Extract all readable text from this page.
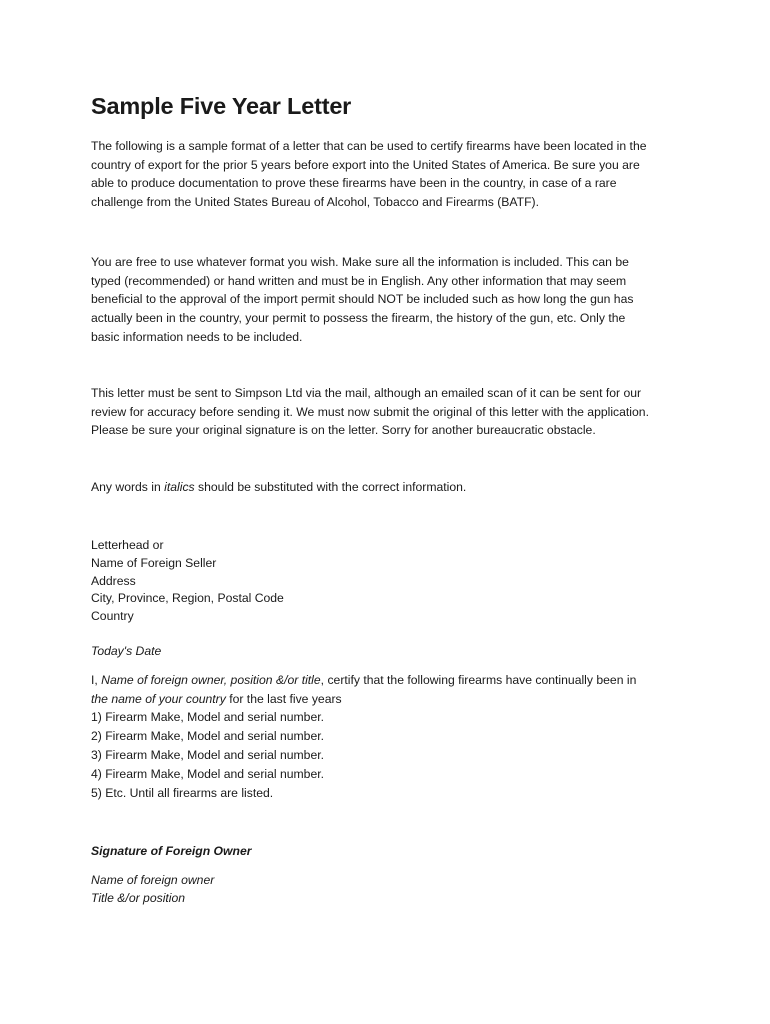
Sample Five Year Letter

The following is a sample format of a letter that can be used to certify firearms have been located in the country of export for the prior 5 years before export into the United States of America. Be sure you are able to produce documentation to prove these firearms have been in the country, in case of a rare challenge from the United States Bureau of Alcohol, Tobacco and Firearms (BATF).

You are free to use whatever format you wish. Make sure all the information is included. This can be typed (recommended) or hand written and must be in English. Any other information that may seem beneficial to the approval of the import permit should NOT be included such as how long the gun has actually been in the country, your permit to possess the firearm, the history of the gun, etc. Only the basic information needs to be included.

This letter must be sent to Simpson Ltd via the mail, although an emailed scan of it can be sent for our review for accuracy before sending it. We must now submit the original of this letter with the application. Please be sure your original signature is on the letter. Sorry for another bureaucratic obstacle.

Any words in italics should be substituted with the correct information.

Letterhead or

Name of Foreign Seller

Address

City, Province, Region, Postal Code

Country

Today's Date

I, Name of foreign owner, position &/or title, certify that the following firearms have continually been in the name of your country for the last five years

1) Firearm Make, Model and serial number.

2) Firearm Make, Model and serial number.

3) Firearm Make, Model and serial number.

4) Firearm Make, Model and serial number.

5) Etc. Until all firearms are listed.

Signature of Foreign Owner

Name of foreign owner

Title &/or position
